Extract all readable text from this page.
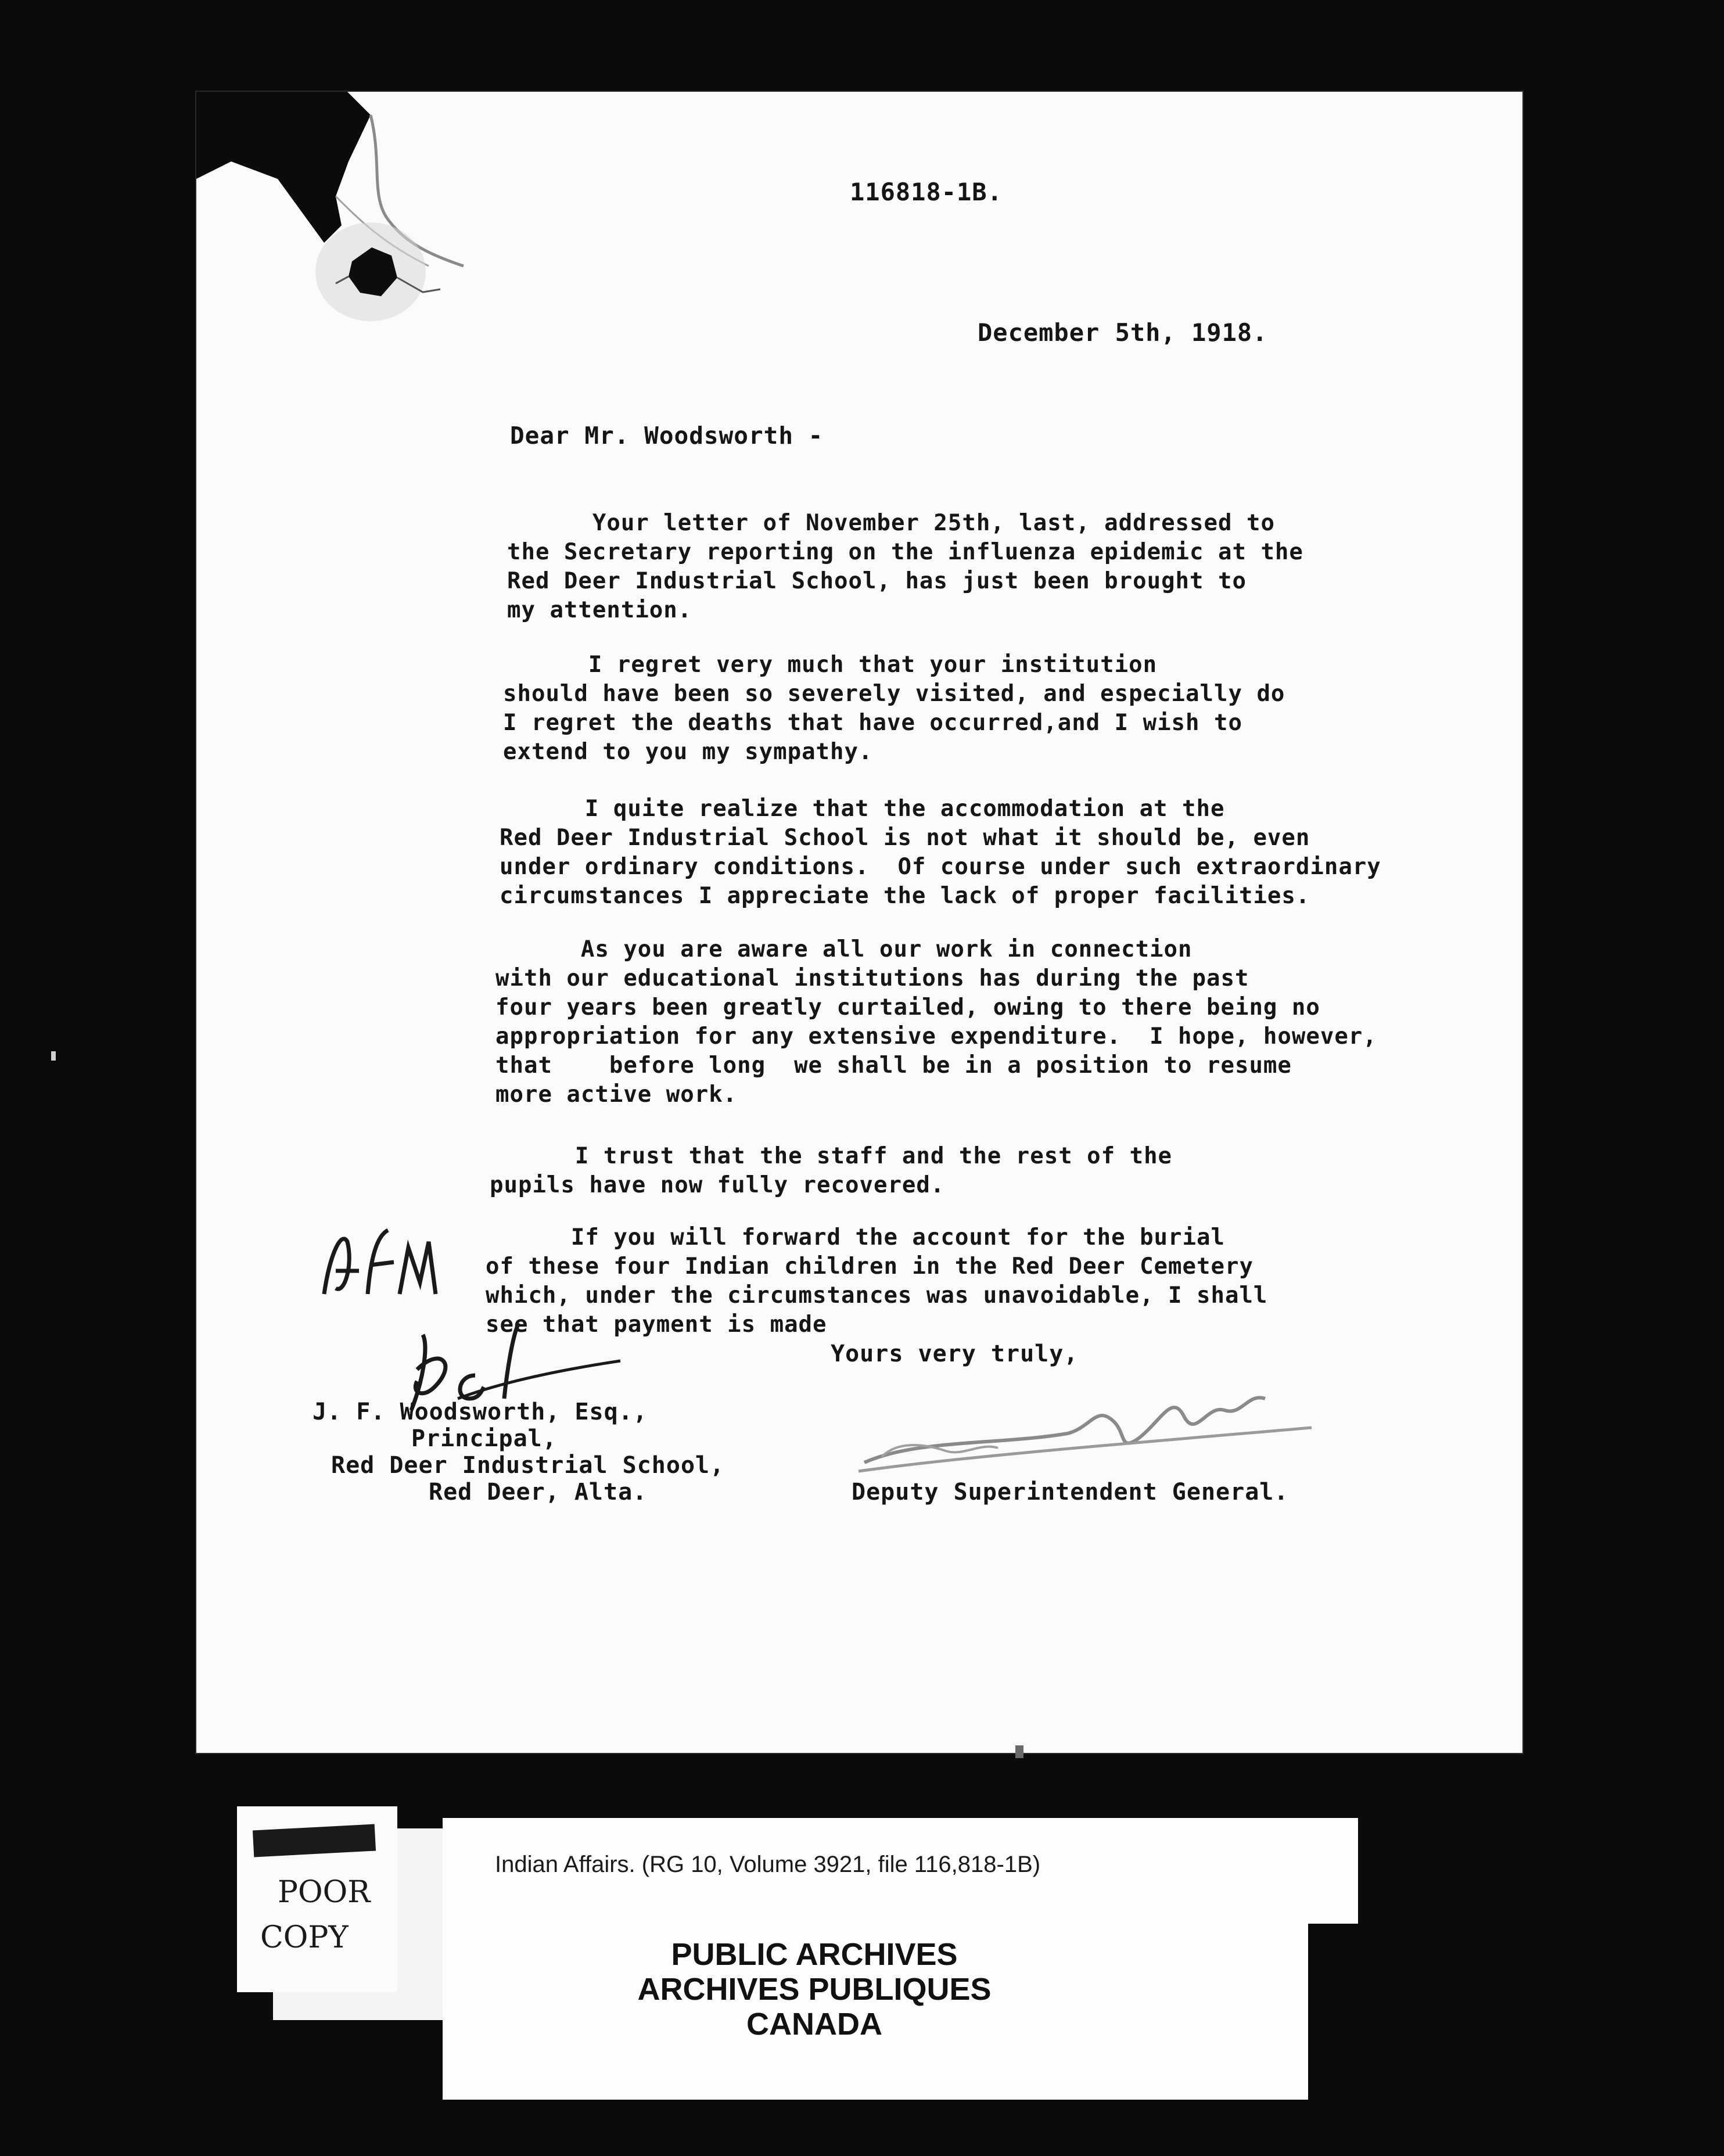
116818-1B.
December 5th, 1918.
Dear Mr. Woodsworth -
Your letter of November 25th, last, addressed to
the Secretary reporting on the influenza epidemic at the
Red Deer Industrial School, has just been brought to
my attention.
I regret very much that your institution
should have been so severely visited, and especially do
I regret the deaths that have occurred,and I wish to
extend to you my sympathy.
I quite realize that the accommodation at the
Red Deer Industrial School is not what it should be, even
under ordinary conditions.  Of course under such extraordinary
circumstances I appreciate the lack of proper facilities.
As you are aware all our work in connection
with our educational institutions has during the past
four years been greatly curtailed, owing to there being no
appropriation for any extensive expenditure.  I hope, however,
that    before long  we shall be in a position to resume
more active work.
I trust that the staff and the rest of the
pupils have now fully recovered.
If you will forward the account for the burial
of these four Indian children in the Red Deer Cemetery
which, under the circumstances was unavoidable, I shall
see that payment is made
Yours very truly,
J. F. Woodsworth, Esq.,
Principal,
Red Deer Industrial School,
Red Deer, Alta.	Deputy Superintendent General.
POOR
COPY
Indian Affairs. (RG 10, Volume 3921, file 116,818-1B)
PUBLIC ARCHIVES
ARCHIVES PUBLIQUES
CANADA
